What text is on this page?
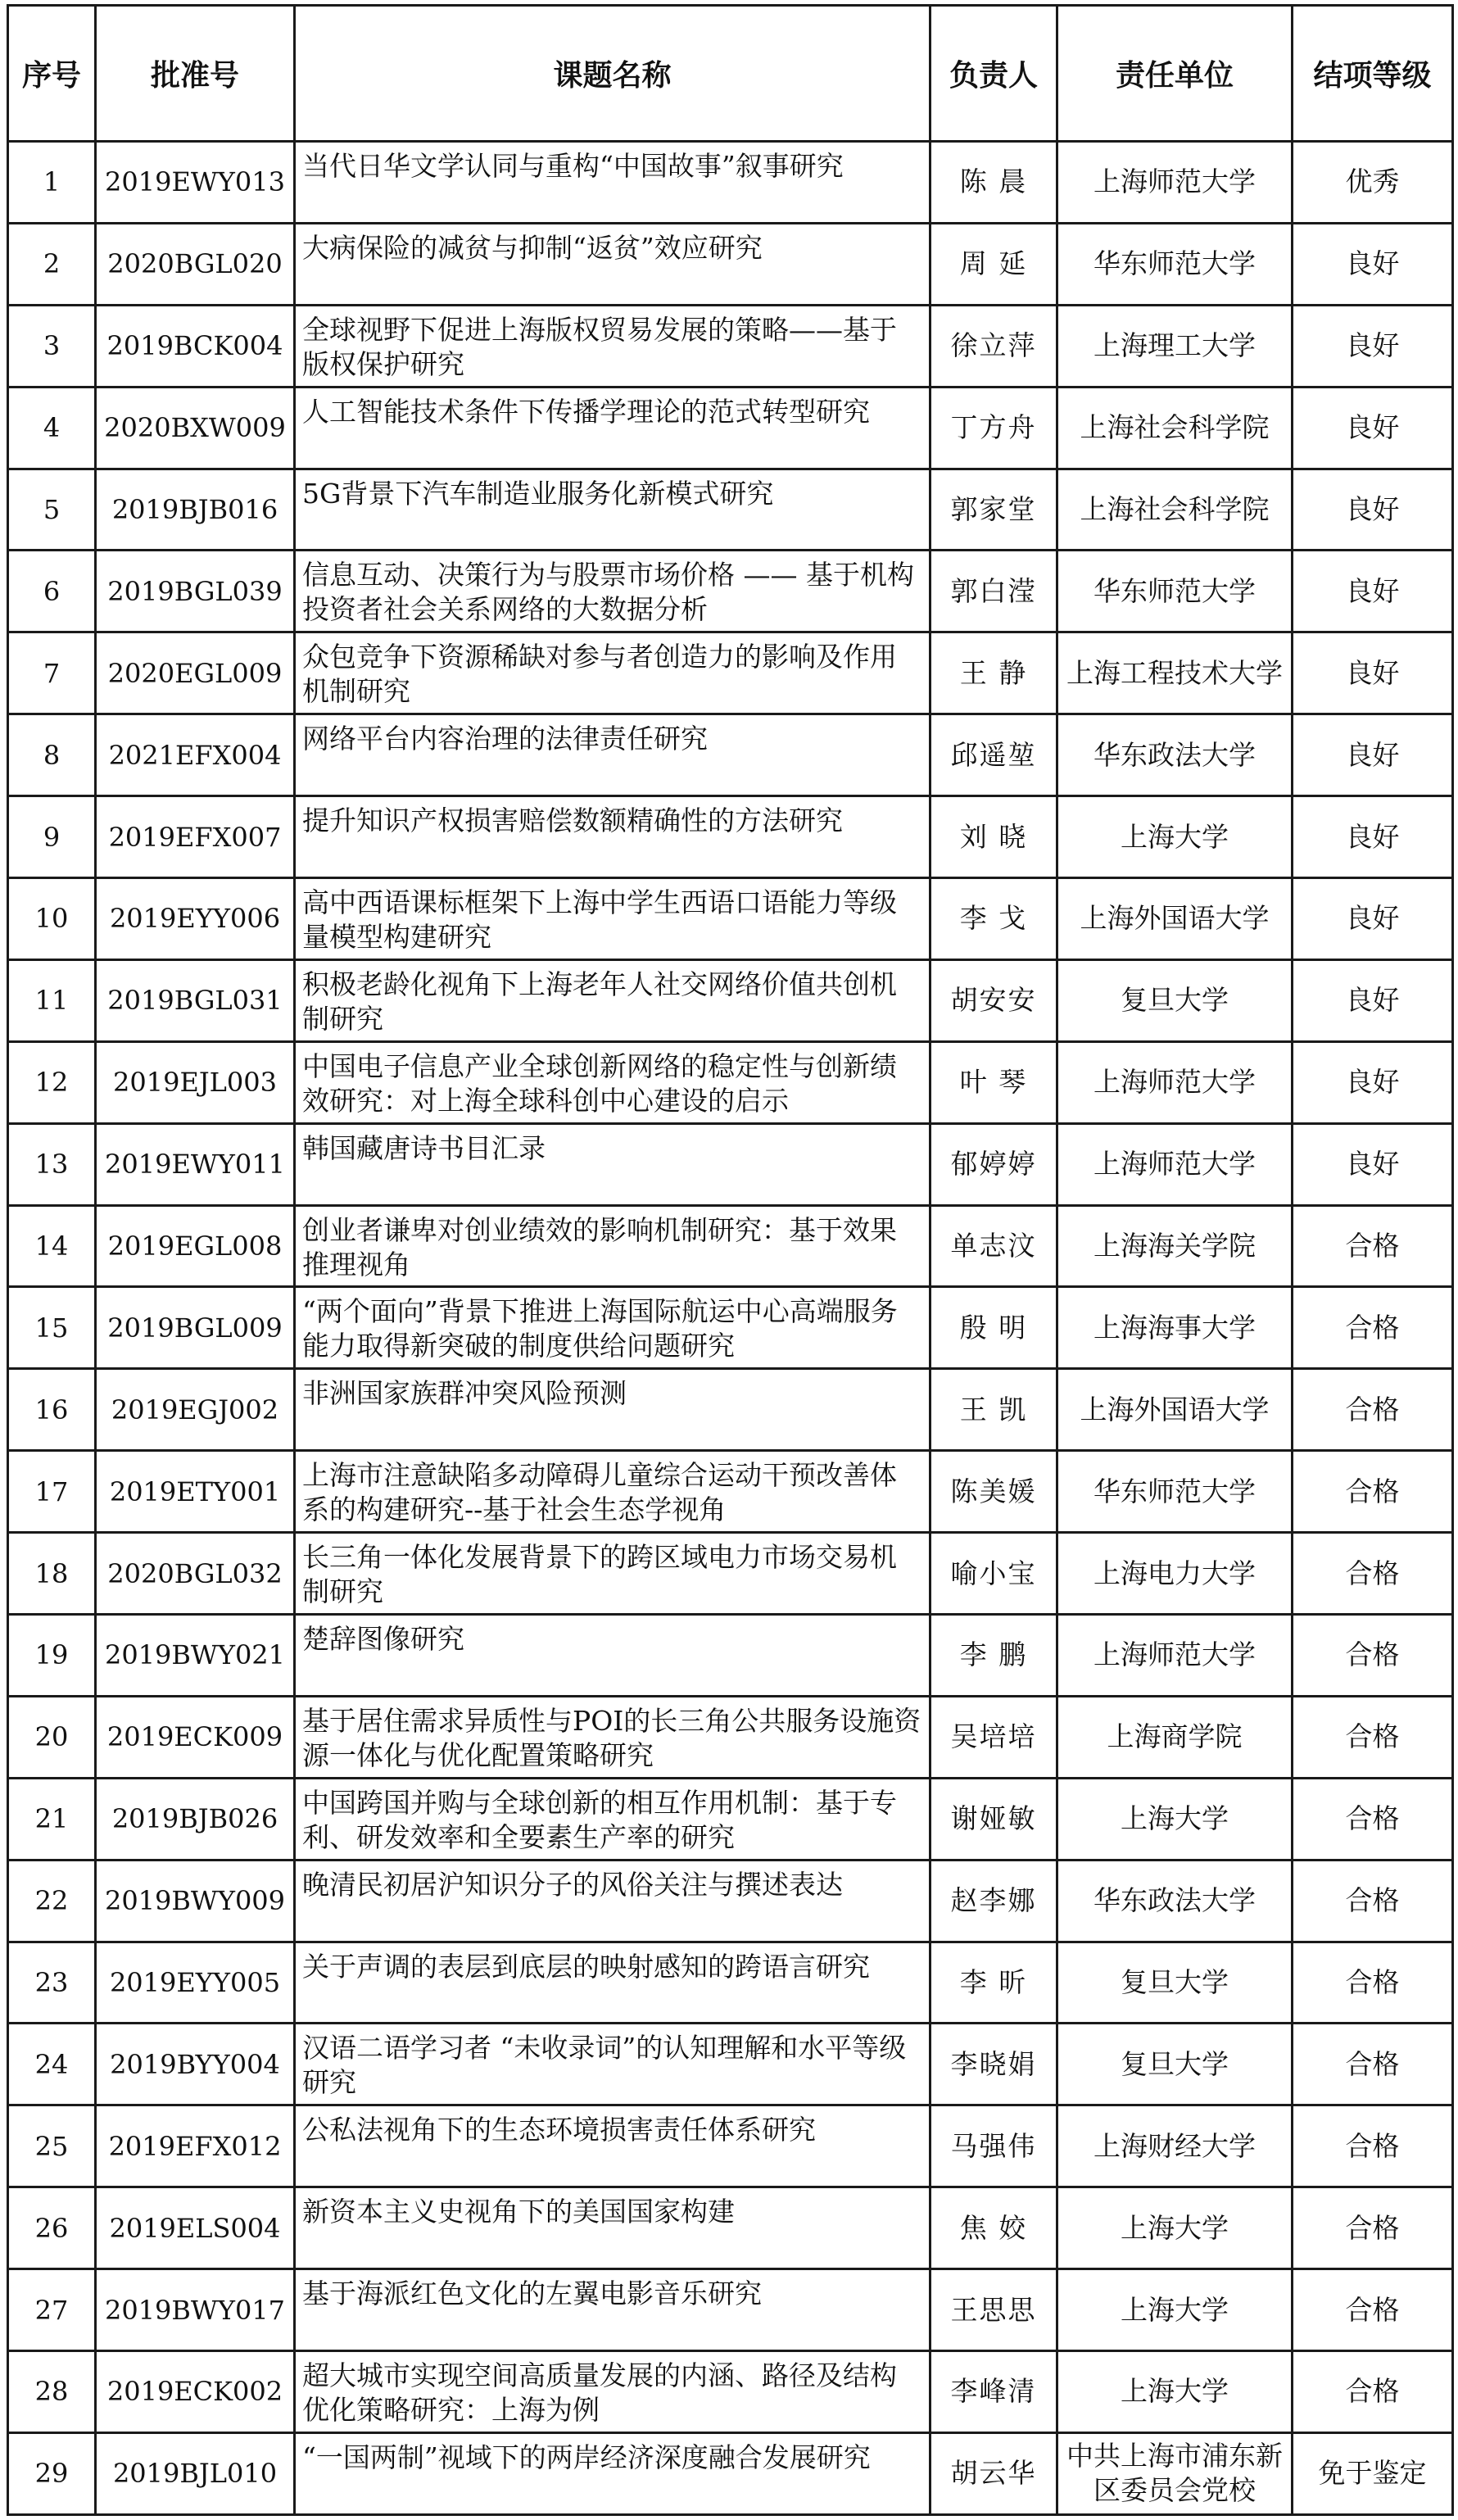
序号	批准号	课题名称	负责人	责任单位	结项等级
1	2019EWY013	当代日华文学认同与重构“中国故事”叙事研究	陈 晨	上海师范大学	优秀
2	2020BGL020	大病保险的减贫与抑制“返贫”效应研究	周 延	华东师范大学	良好
3	2019BCK004	全球视野下促进上海版权贸易发展的策略——基于版权保护研究	徐立萍	上海理工大学	良好
4	2020BXW009	人工智能技术条件下传播学理论的范式转型研究	丁方舟	上海社会科学院	良好
5	2019BJB016	5G背景下汽车制造业服务化新模式研究	郭家堂	上海社会科学院	良好
6	2019BGL039	信息互动、决策行为与股票市场价格 —— 基于机构投资者社会关系网络的大数据分析	郭白滢	华东师范大学	良好
7	2020EGL009	众包竞争下资源稀缺对参与者创造力的影响及作用机制研究	王 静	上海工程技术大学	良好
8	2021EFX004	网络平台内容治理的法律责任研究	邱遥堃	华东政法大学	良好
9	2019EFX007	提升知识产权损害赔偿数额精确性的方法研究	刘 晓	上海大学	良好
10	2019EYY006	高中西语课标框架下上海中学生西语口语能力等级量模型构建研究	李 戈	上海外国语大学	良好
11	2019BGL031	积极老龄化视角下上海老年人社交网络价值共创机制研究	胡安安	复旦大学	良好
12	2019EJL003	中国电子信息产业全球创新网络的稳定性与创新绩效研究：对上海全球科创中心建设的启示	叶 琴	上海师范大学	良好
13	2019EWY011	韩国藏唐诗书目汇录	郁婷婷	上海师范大学	良好
14	2019EGL008	创业者谦卑对创业绩效的影响机制研究：基于效果推理视角	单志汶	上海海关学院	合格
15	2019BGL009	“两个面向”背景下推进上海国际航运中心高端服务能力取得新突破的制度供给问题研究	殷 明	上海海事大学	合格
16	2019EGJ002	非洲国家族群冲突风险预测	王 凯	上海外国语大学	合格
17	2019ETY001	上海市注意缺陷多动障碍儿童综合运动干预改善体系的构建研究--基于社会生态学视角	陈美媛	华东师范大学	合格
18	2020BGL032	长三角一体化发展背景下的跨区域电力市场交易机制研究	喻小宝	上海电力大学	合格
19	2019BWY021	楚辞图像研究	李 鹏	上海师范大学	合格
20	2019ECK009	基于居住需求异质性与POI的长三角公共服务设施资源一体化与优化配置策略研究	吴培培	上海商学院	合格
21	2019BJB026	中国跨国并购与全球创新的相互作用机制：基于专利、研发效率和全要素生产率的研究	谢娅敏	上海大学	合格
22	2019BWY009	晚清民初居沪知识分子的风俗关注与撰述表达	赵李娜	华东政法大学	合格
23	2019EYY005	关于声调的表层到底层的映射感知的跨语言研究	李 昕	复旦大学	合格
24	2019BYY004	汉语二语学习者 “未收录词”的认知理解和水平等级研究	李晓娟	复旦大学	合格
25	2019EFX012	公私法视角下的生态环境损害责任体系研究	马强伟	上海财经大学	合格
26	2019ELS004	新资本主义史视角下的美国国家构建	焦 姣	上海大学	合格
27	2019BWY017	基于海派红色文化的左翼电影音乐研究	王思思	上海大学	合格
28	2019ECK002	超大城市实现空间高质量发展的内涵、路径及结构优化策略研究：上海为例	李峰清	上海大学	合格
29	2019BJL010	“一国两制”视域下的两岸经济深度融合发展研究	胡云华	中共上海市浦东新区委员会党校	免于鉴定
